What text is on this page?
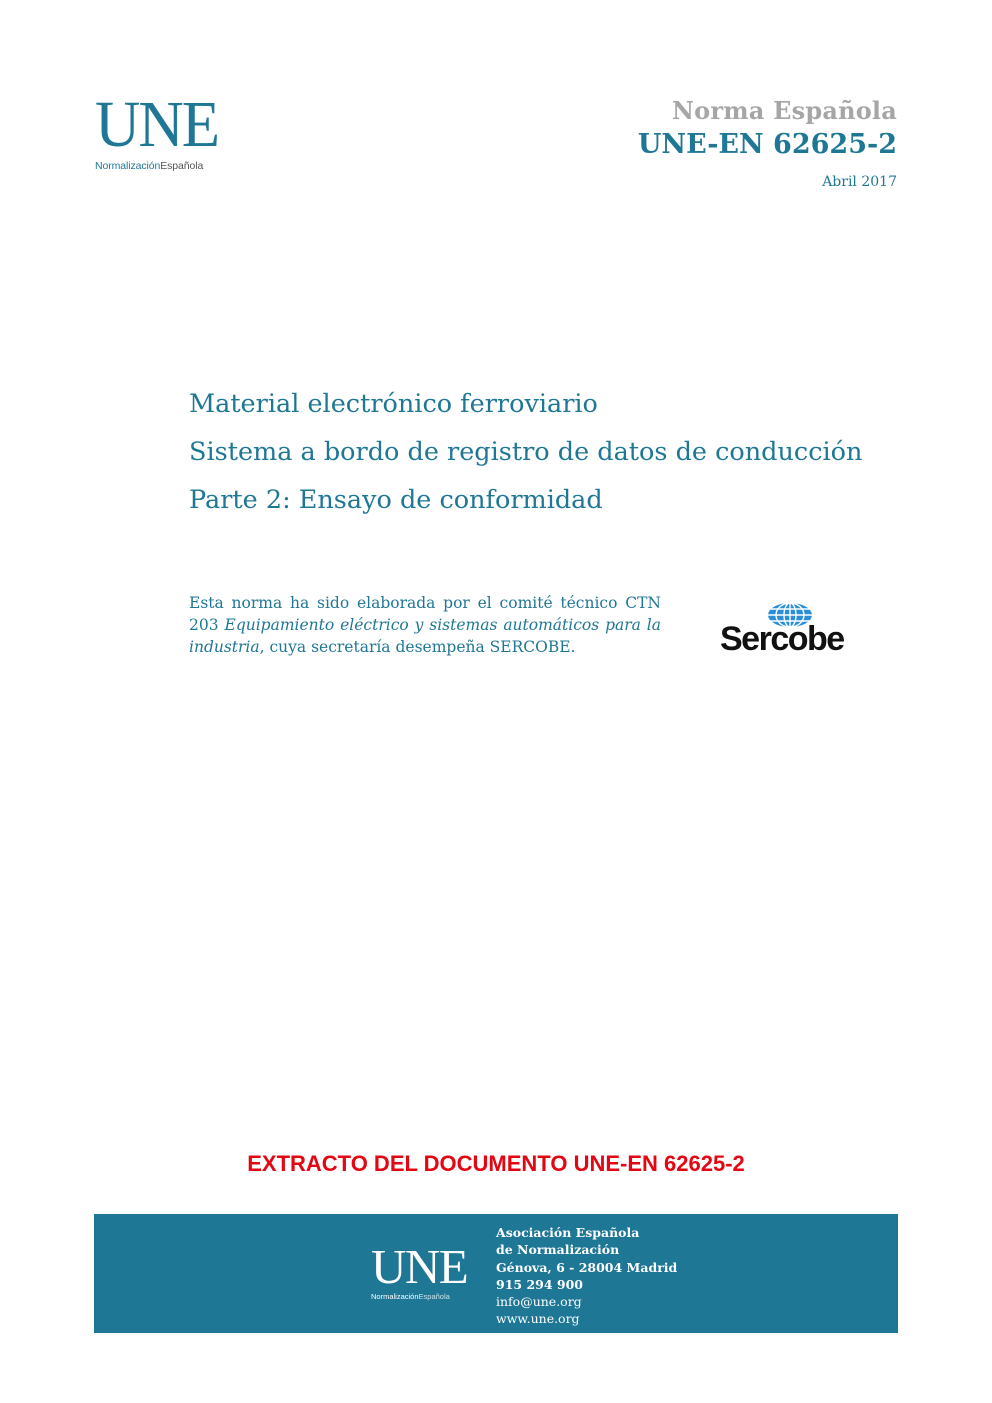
UNE
NormalizaciónEspañola
Norma Española
UNE-EN 62625-2
Abril 2017
Material electrónico ferroviario
Sistema a bordo de registro de datos de conducción
Parte 2: Ensayo de conformidad
Esta norma ha sido elaborada por el comité técnico CTN 203 Equipamiento eléctrico y sistemas automáticos para la industria, cuya secretaría desempeña SERCOBE.	Sercobe
EXTRACTO DEL DOCUMENTO UNE-EN 62625-2
UNE
NormalizaciónEspañola
Asociación Española
de Normalización
Génova, 6 - 28004 Madrid
915 294 900
info@une.org
www.une.org
